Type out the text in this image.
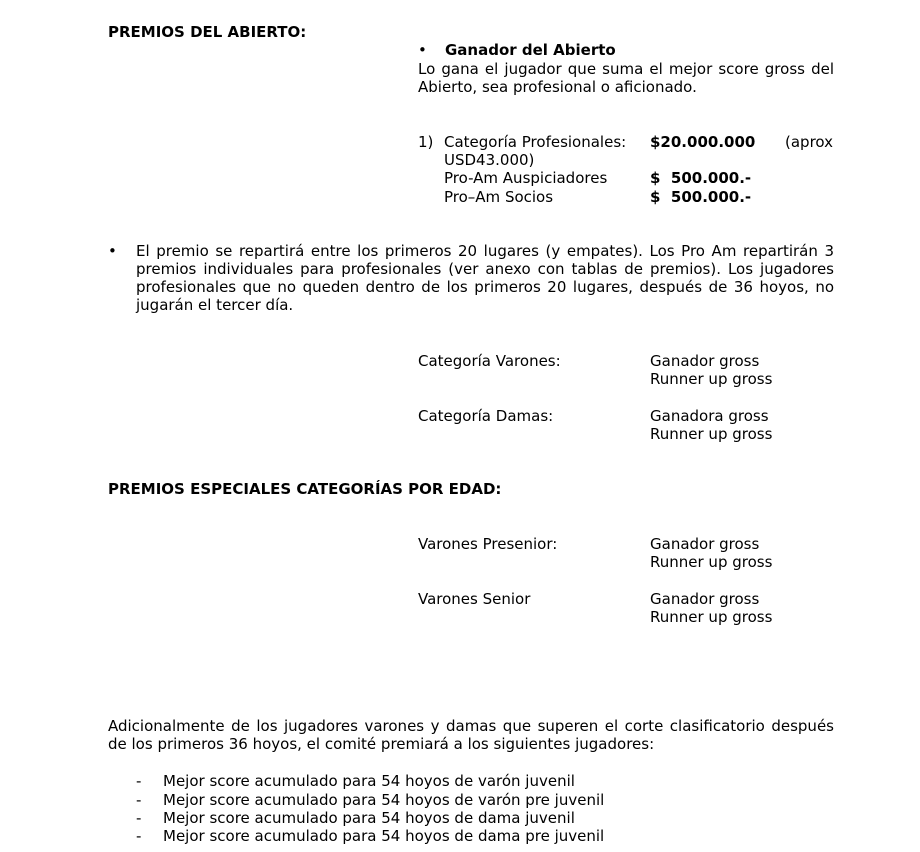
PREMIOS DEL ABIERTO:
• Ganador del Abierto
Lo gana el jugador que suma el mejor score gross del
Abierto, sea profesional o aficionado.
1) Categoría Profesionales: $20.000.000 (aprox
USD43.000)
Pro-Am Auspiciadores	$  500.000.-
Pro–Am Socios	$  500.000.-
• El premio se repartirá entre los primeros 20 lugares (y empates). Los Pro Am repartirán 3
premios individuales para profesionales (ver anexo con tablas de premios). Los jugadores
profesionales que no queden dentro de los primeros 20 lugares, después de 36 hoyos, no
jugarán el tercer día.
Categoría Varones:	Ganador gross
Runner up gross
Categoría Damas:	Ganadora gross
Runner up gross
PREMIOS ESPECIALES CATEGORÍAS POR EDAD:
Varones Presenior:	Ganador gross
Runner up gross
Varones Senior	Ganador gross
Runner up gross
Adicionalmente de los jugadores varones y damas que superen el corte clasificatorio después
de los primeros 36 hoyos, el comité premiará a los siguientes jugadores:
- Mejor score acumulado para 54 hoyos de varón juvenil
- Mejor score acumulado para 54 hoyos de varón pre juvenil
- Mejor score acumulado para 54 hoyos de dama juvenil
- Mejor score acumulado para 54 hoyos de dama pre juvenil
